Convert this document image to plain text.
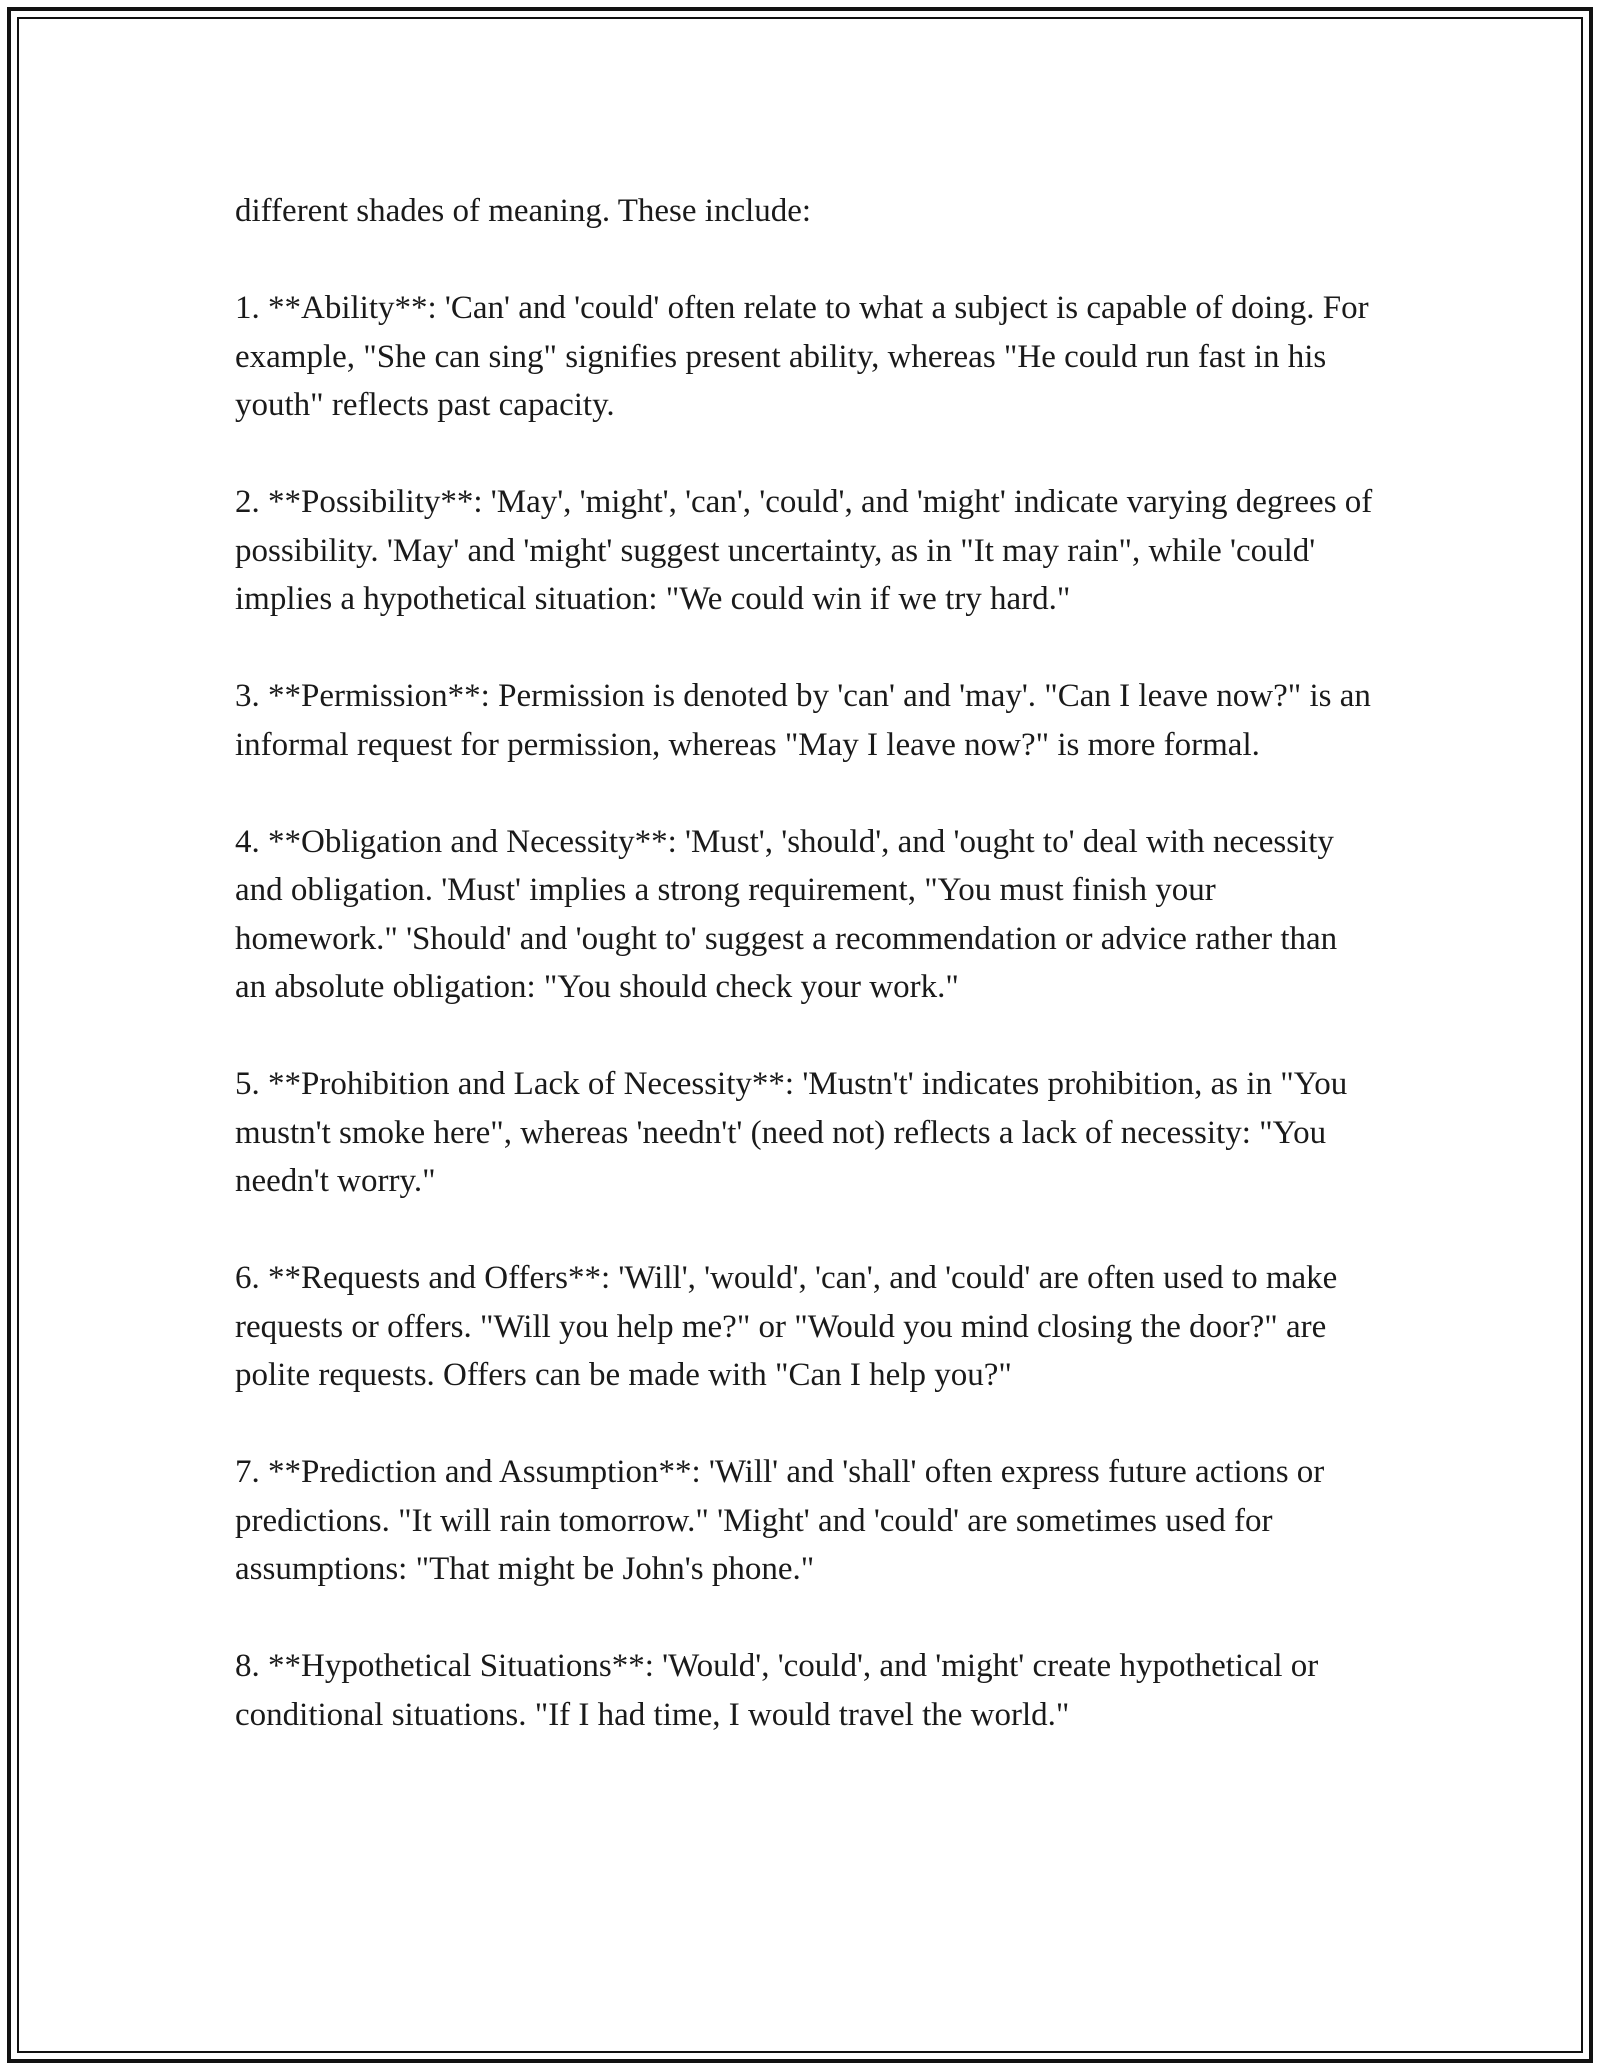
different shades of meaning. These include:

1. **Ability**: 'Can' and 'could' often relate to what a subject is capable of doing. For example, "She can sing" signifies present ability, whereas "He could run fast in his youth" reflects past capacity.

2. **Possibility**: 'May', 'might', 'can', 'could', and 'might' indicate varying degrees of possibility. 'May' and 'might' suggest uncertainty, as in "It may rain", while 'could' implies a hypothetical situation: "We could win if we try hard."

3. **Permission**: Permission is denoted by 'can' and 'may'. "Can I leave now?" is an informal request for permission, whereas "May I leave now?" is more formal.

4. **Obligation and Necessity**: 'Must', 'should', and 'ought to' deal with necessity and obligation. 'Must' implies a strong requirement, "You must finish your homework." 'Should' and 'ought to' suggest a recommendation or advice rather than an absolute obligation: "You should check your work."

5. **Prohibition and Lack of Necessity**: 'Mustn't' indicates prohibition, as in "You mustn't smoke here", whereas 'needn't' (need not) reflects a lack of necessity: "You needn't worry."

6. **Requests and Offers**: 'Will', 'would', 'can', and 'could' are often used to make requests or offers. "Will you help me?" or "Would you mind closing the door?" are polite requests. Offers can be made with "Can I help you?"

7. **Prediction and Assumption**: 'Will' and 'shall' often express future actions or predictions. "It will rain tomorrow." 'Might' and 'could' are sometimes used for assumptions: "That might be John's phone."

8. **Hypothetical Situations**: 'Would', 'could', and 'might' create hypothetical or conditional situations. "If I had time, I would travel the world."
